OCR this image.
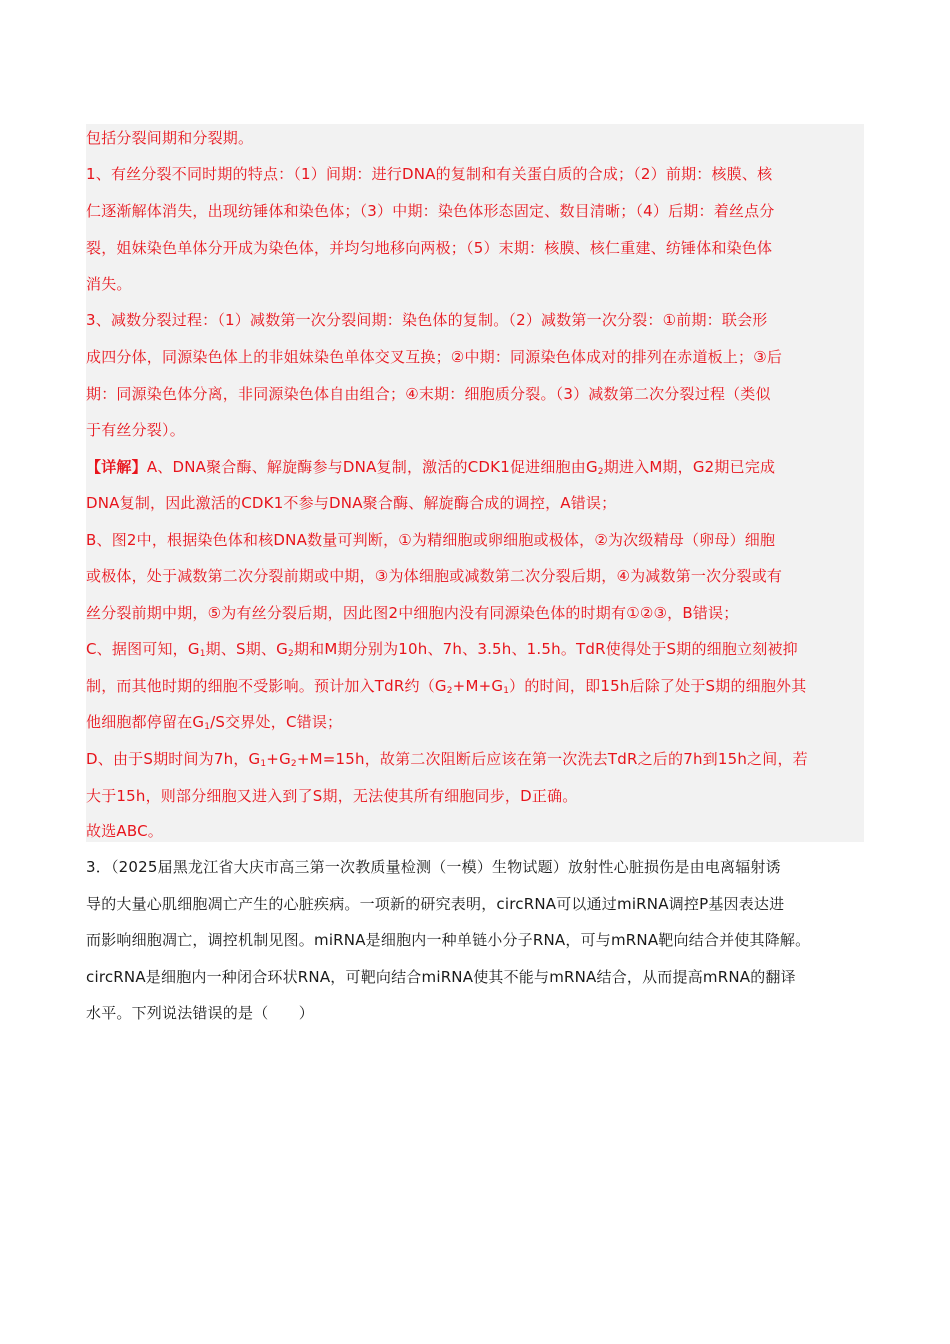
包括分裂间期和分裂期。
1、有丝分裂不同时期的特点：（1）间期：进行DNA的复制和有关蛋白质的合成；（2）前期：核膜、核
仁逐渐解体消失，出现纺锤体和染色体；（3）中期：染色体形态固定、数目清晰；（4）后期：着丝点分
裂，姐妹染色单体分开成为染色体，并均匀地移向两极；（5）末期：核膜、核仁重建、纺锤体和染色体
消失。
3、减数分裂过程：（1）减数第一次分裂间期：染色体的复制。（2）减数第一次分裂：①前期：联会形
成四分体，同源染色体上的非姐妹染色单体交叉互换；②中期：同源染色体成对的排列在赤道板上；③后
期：同源染色体分离，非同源染色体自由组合；④末期：细胞质分裂。（3）减数第二次分裂过程（类似
于有丝分裂）。
【详解】A、DNA聚合酶、解旋酶参与DNA复制，激活的CDK1促进细胞由$G_2$期进入M期，G2期已完成
DNA复制，因此激活的CDK1不参与DNA聚合酶、解旋酶合成的调控，A错误；
B、图2中，根据染色体和核DNA数量可判断，①为精细胞或卵细胞或极体，②为次级精母（卵母）细胞
或极体，处于减数第二次分裂前期或中期，③为体细胞或减数第二次分裂后期，④为减数第一次分裂或有
丝分裂前期中期，⑤为有丝分裂后期，因此图2中细胞内没有同源染色体的时期有①②③，B错误；
C、据图可知，$G_1$期、S期、$G_2$期和M期分别为10h、7h、3.5h、1.5h。TdR使得处于S期的细胞立刻被抑
制，而其他时期的细胞不受影响。预计加入TdR约$(G_2+M+G_1)$的时间，即15h后除了处于S期的细胞外其
他细胞都停留在$G_1/S$交界处，C错误；
D、由于S期时间为7h，$G_1+G_2+M=15h$，故第二次阻断后应该在第一次洗去TdR之后的7h到15h之间，若
大于15h，则部分细胞又进入到了S期，无法使其所有细胞同步，D正确。
故选ABC。
3．（2025届黑龙江省大庆市高三第一次教质量检测（一模）生物试题）放射性心脏损伤是由电离辐射诱
导的大量心肌细胞凋亡产生的心脏疾病。一项新的研究表明，circRNA可以通过miRNA调控P基因表达进
而影响细胞凋亡，调控机制见图。miRNA是细胞内一种单链小分子RNA，可与mRNA靶向结合并使其降解。
circRNA是细胞内一种闭合环状RNA，可靶向结合miRNA使其不能与mRNA结合，从而提高mRNA的翻译
水平。下列说法错误的是（　　）
